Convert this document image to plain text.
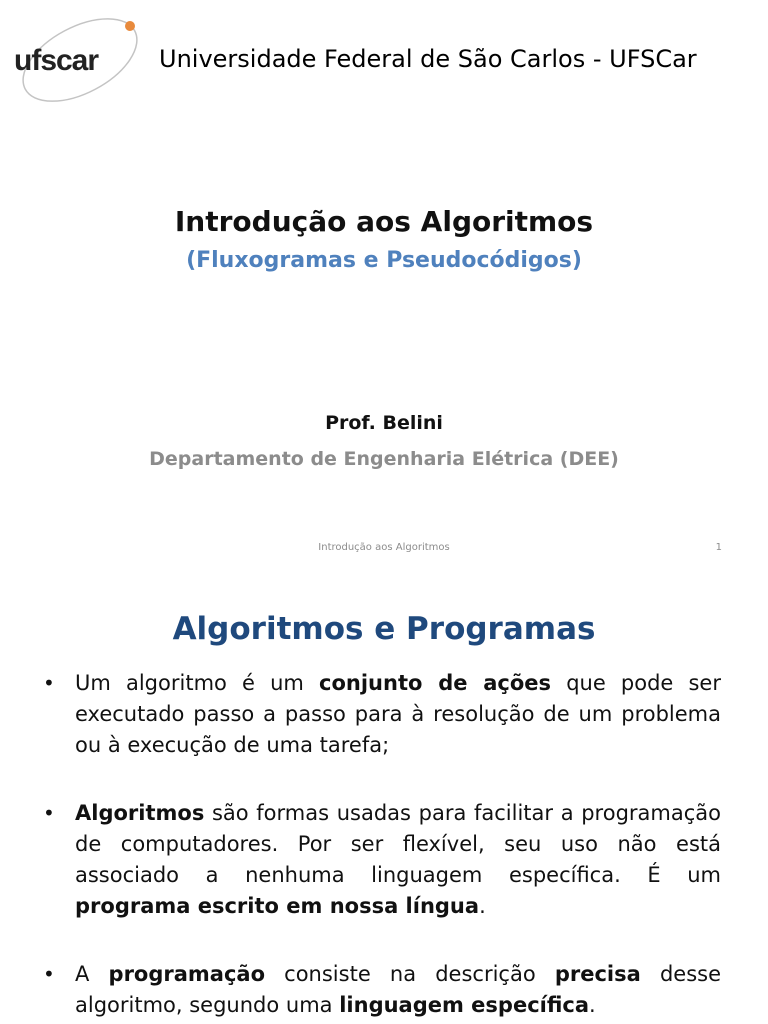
ufscar	Universidade Federal de São Carlos - UFSCar
Introdução aos Algoritmos
(Fluxogramas e Pseudocódigos)
Prof. Belini
Departamento de Engenharia Elétrica (DEE)
Introdução aos Algoritmos	1
Algoritmos e Programas
• Um algoritmo é um conjunto de ações que pode ser executado passo a passo para à resolução de um problema ou à execução de uma tarefa;
• Algoritmos são formas usadas para facilitar a programação de computadores. Por ser flexível, seu uso não está associado a nenhuma linguagem específica. É um programa escrito em nossa língua.
• A programação consiste na descrição precisa desse algoritmo, segundo uma linguagem específica.
